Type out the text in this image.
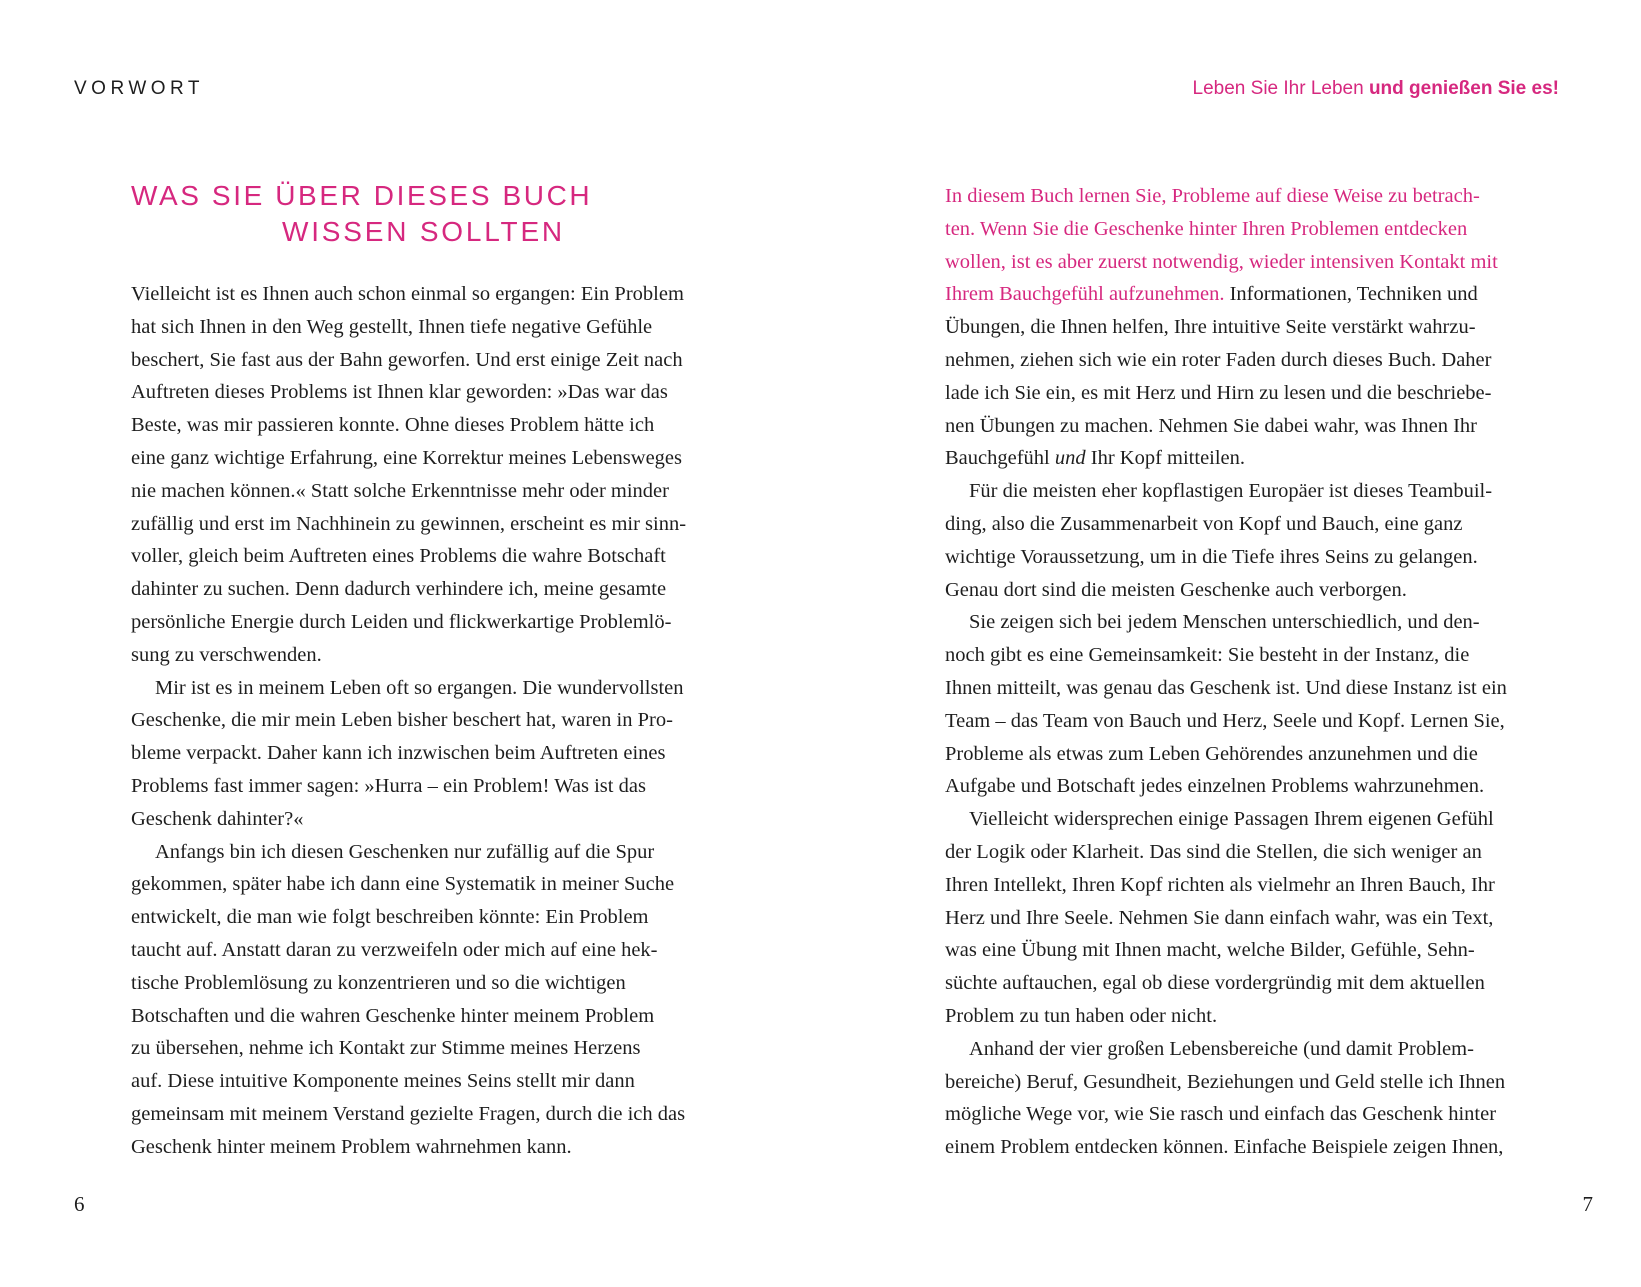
VORWORT
WAS SIE ÜBER DIESES BUCH
WISSEN SOLLTEN
Vielleicht ist es Ihnen auch schon einmal so ergangen: Ein Problem
hat sich Ihnen in den Weg gestellt, Ihnen tiefe negative Gefühle
beschert, Sie fast aus der Bahn geworfen. Und erst einige Zeit nach
Auftreten dieses Problems ist Ihnen klar geworden: »Das war das
Beste, was mir passieren konnte. Ohne dieses Problem hätte ich
eine ganz wichtige Erfahrung, eine Korrektur meines Lebensweges
nie machen können.« Statt solche Erkenntnisse mehr oder minder
zufällig und erst im Nachhinein zu gewinnen, erscheint es mir sinn-
voller, gleich beim Auftreten eines Problems die wahre Botschaft
dahinter zu suchen. Denn dadurch verhindere ich, meine gesamte
persönliche Energie durch Leiden und flickwerkartige Problemlö-
sung zu verschwenden.
Mir ist es in meinem Leben oft so ergangen. Die wundervollsten
Geschenke, die mir mein Leben bisher beschert hat, waren in Pro-
bleme verpackt. Daher kann ich inzwischen beim Auftreten eines
Problems fast immer sagen: »Hurra – ein Problem! Was ist das
Geschenk dahinter?«
Anfangs bin ich diesen Geschenken nur zufällig auf die Spur
gekommen, später habe ich dann eine Systematik in meiner Suche
entwickelt, die man wie folgt beschreiben könnte: Ein Problem
taucht auf. Anstatt daran zu verzweifeln oder mich auf eine hek-
tische Problemlösung zu konzentrieren und so die wichtigen
Botschaften und die wahren Geschenke hinter meinem Problem
zu übersehen, nehme ich Kontakt zur Stimme meines Herzens
auf. Diese intuitive Komponente meines Seins stellt mir dann
gemeinsam mit meinem Verstand gezielte Fragen, durch die ich das
Geschenk hinter meinem Problem wahrnehmen kann.
6
Leben Sie Ihr Leben und genießen Sie es!
In diesem Buch lernen Sie, Probleme auf diese Weise zu betrach-
ten. Wenn Sie die Geschenke hinter Ihren Problemen entdecken
wollen, ist es aber zuerst notwendig, wieder intensiven Kontakt mit
Ihrem Bauchgefühl aufzunehmen. Informationen, Techniken und
Übungen, die Ihnen helfen, Ihre intuitive Seite verstärkt wahrzu-
nehmen, ziehen sich wie ein roter Faden durch dieses Buch. Daher
lade ich Sie ein, es mit Herz und Hirn zu lesen und die beschriebe-
nen Übungen zu machen. Nehmen Sie dabei wahr, was Ihnen Ihr
Bauchgefühl und Ihr Kopf mitteilen.
Für die meisten eher kopflastigen Europäer ist dieses Teambuil-
ding, also die Zusammenarbeit von Kopf und Bauch, eine ganz
wichtige Voraussetzung, um in die Tiefe ihres Seins zu gelangen.
Genau dort sind die meisten Geschenke auch verborgen.
Sie zeigen sich bei jedem Menschen unterschiedlich, und den-
noch gibt es eine Gemeinsamkeit: Sie besteht in der Instanz, die
Ihnen mitteilt, was genau das Geschenk ist. Und diese Instanz ist ein
Team – das Team von Bauch und Herz, Seele und Kopf. Lernen Sie,
Probleme als etwas zum Leben Gehörendes anzunehmen und die
Aufgabe und Botschaft jedes einzelnen Problems wahrzunehmen.
Vielleicht widersprechen einige Passagen Ihrem eigenen Gefühl
der Logik oder Klarheit. Das sind die Stellen, die sich weniger an
Ihren Intellekt, Ihren Kopf richten als vielmehr an Ihren Bauch, Ihr
Herz und Ihre Seele. Nehmen Sie dann einfach wahr, was ein Text,
was eine Übung mit Ihnen macht, welche Bilder, Gefühle, Sehn-
süchte auftauchen, egal ob diese vordergründig mit dem aktuellen
Problem zu tun haben oder nicht.
Anhand der vier großen Lebensbereiche (und damit Problem-
bereiche) Beruf, Gesundheit, Beziehungen und Geld stelle ich Ihnen
mögliche Wege vor, wie Sie rasch und einfach das Geschenk hinter
einem Problem entdecken können. Einfache Beispiele zeigen Ihnen,
7
